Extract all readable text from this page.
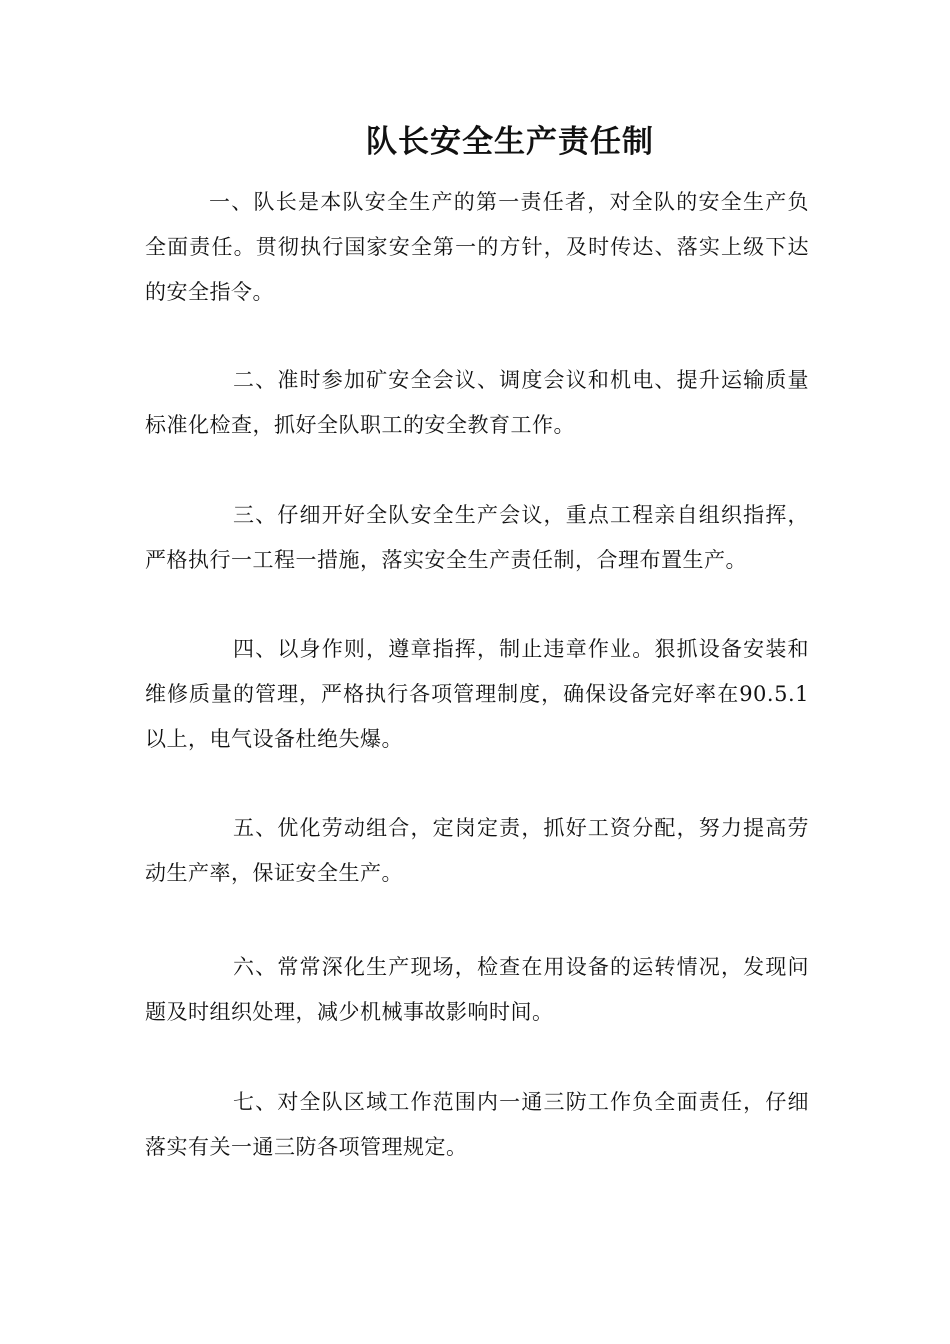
队长安全生产责任制

一、队长是本队安全生产的第一责任者，对全队的安全生产负全面责任。贯彻执行国家安全第一的方针，及时传达、落实上级下达的安全指令。

二、准时参加矿安全会议、调度会议和机电、提升运输质量标准化检查，抓好全队职工的安全教育工作。

三、仔细开好全队安全生产会议，重点工程亲自组织指挥，严格执行一工程一措施，落实安全生产责任制，合理布置生产。

四、以身作则，遵章指挥，制止违章作业。狠抓设备安装和维修质量的管理，严格执行各项管理制度，确保设备完好率在90.5.1以上，电气设备杜绝失爆。

五、优化劳动组合，定岗定责，抓好工资分配，努力提高劳动生产率，保证安全生产。

六、常常深化生产现场，检查在用设备的运转情况，发现问题及时组织处理，减少机械事故影响时间。

七、对全队区域工作范围内一通三防工作负全面责任，仔细落实有关一通三防各项管理规定。
